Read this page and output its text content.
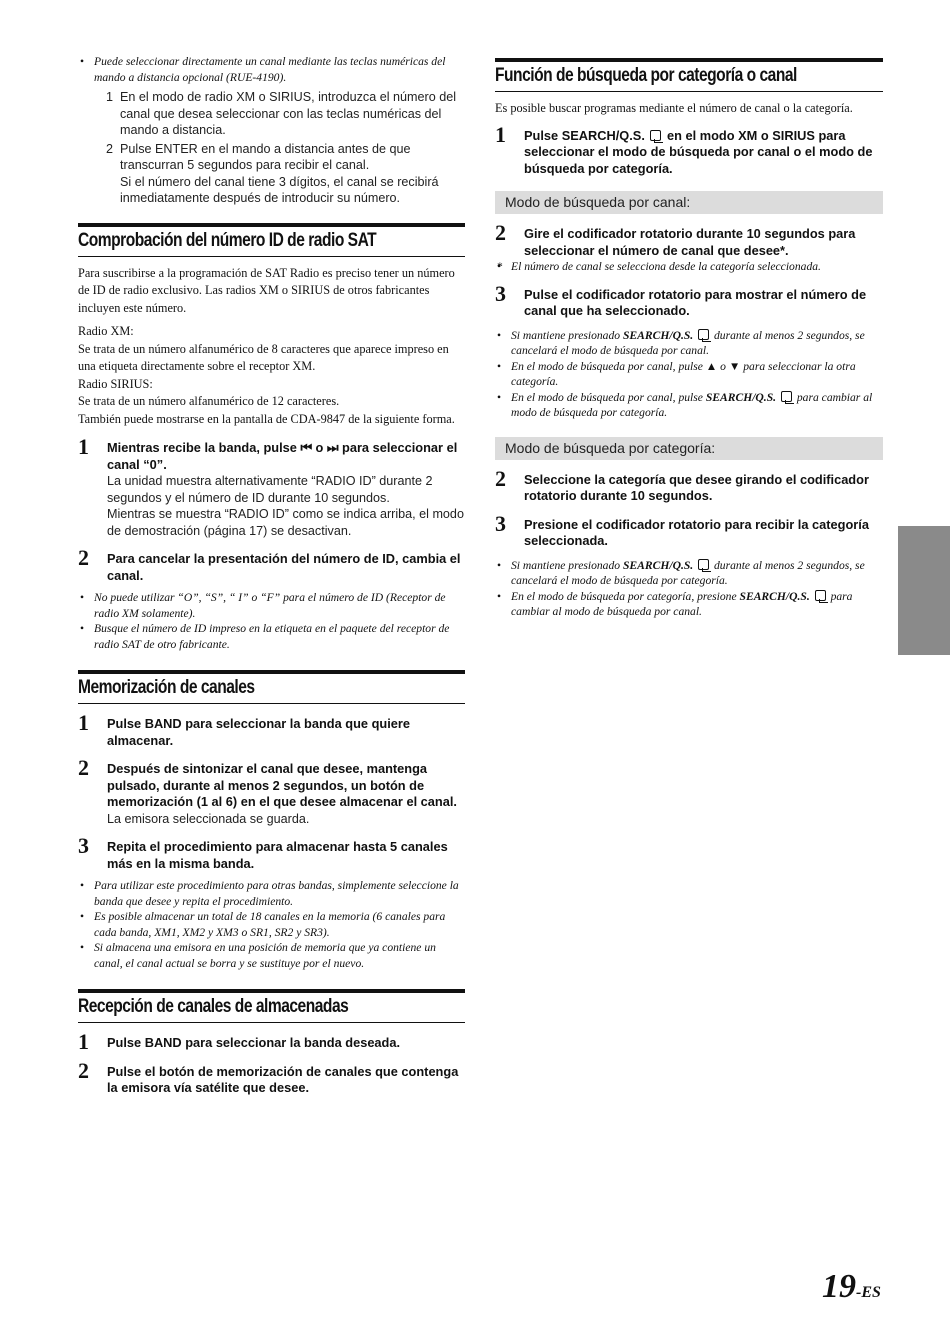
• Puede seleccionar directamente un canal mediante las teclas numéricas del mando a distancia opcional (RUE-4190).
1 En el modo de radio XM o SIRIUS, introduzca el número del canal que desea seleccionar con las teclas numéricas del mando a distancia.
2 Pulse ENTER en el mando a distancia antes de que transcurran 5 segundos para recibir el canal.
Si el número del canal tiene 3 dígitos, el canal se recibirá inmediatamente después de introducir su número.
Comprobación del número ID de radio SAT
Para suscribirse a la programación de SAT Radio es preciso tener un número de ID de radio exclusivo. Las radios XM o SIRIUS de otros fabricantes incluyen este número.
Radio XM:
Se trata de un número alfanumérico de 8 caracteres que aparece impreso en una etiqueta directamente sobre el receptor XM.
Radio SIRIUS:
Se trata de un número alfanumérico de 12 caracteres.
También puede mostrarse en la pantalla de CDA-9847 de la siguiente forma.
1 Mientras recibe la banda, pulse ⏮ o ⏭ para seleccionar el canal “0”.
La unidad muestra alternativamente “RADIO ID” durante 2 segundos y el número de ID durante 10 segundos.
Mientras se muestra “RADIO ID” como se indica arriba, el modo de demostración (página 17) se desactivan.
2 Para cancelar la presentación del número de ID, cambia el canal.
• No puede utilizar “O”, “S”, “ I” o “F” para el número de ID (Receptor de radio XM solamente).
• Busque el número de ID impreso en la etiqueta en el paquete del receptor de radio SAT de otro fabricante.
Memorización de canales
1 Pulse BAND para seleccionar la banda que quiere almacenar.
2 Después de sintonizar el canal que desee, mantenga pulsado, durante al menos 2 segundos, un botón de memorización (1 al 6) en el que desee almacenar el canal.
La emisora seleccionada se guarda.
3 Repita el procedimiento para almacenar hasta 5 canales más en la misma banda.
• Para utilizar este procedimiento para otras bandas, simplemente seleccione la banda que desee y repita el procedimiento.
• Es posible almacenar un total de 18 canales en la memoria (6 canales para cada banda, XM1, XM2 y XM3 o SR1, SR2 y SR3).
• Si almacena una emisora en una posición de memoria que ya contiene un canal, el canal actual se borra y se sustituye por el nuevo.
Recepción de canales de almacenadas
1 Pulse BAND para seleccionar la banda deseada.
2 Pulse el botón de memorización de canales que contenga la emisora vía satélite que desee.
Función de búsqueda por categoría o canal
Es posible buscar programas mediante el número de canal o la categoría.
1 Pulse SEARCH/Q.S.  en el modo XM o SIRIUS para seleccionar el modo de búsqueda por canal o el modo de búsqueda por categoría.
Modo de búsqueda por canal:
2 Gire el codificador rotatorio durante 10 segundos para seleccionar el número de canal que desee*.
• * El número de canal se selecciona desde la categoría seleccionada.
3 Pulse el codificador rotatorio para mostrar el número de canal que ha seleccionado.
• Si mantiene presionado SEARCH/Q.S.  durante al menos 2 segundos, se cancelará el modo de búsqueda por canal.
• En el modo de búsqueda por canal, pulse ▲ o ▼ para seleccionar la otra categoría.
• En el modo de búsqueda por canal, pulse SEARCH/Q.S.  para cambiar al modo de búsqueda por categoría.
Modo de búsqueda por categoría:
2 Seleccione la categoría que desee girando el codificador rotatorio durante 10 segundos.
3 Presione el codificador rotatorio para recibir la categoría seleccionada.
• Si mantiene presionado SEARCH/Q.S.  durante al menos 2 segundos, se cancelará el modo de búsqueda por categoría.
• En el modo de búsqueda por categoría, presione SEARCH/Q.S.  para cambiar al modo de búsqueda por canal.
19-ES
